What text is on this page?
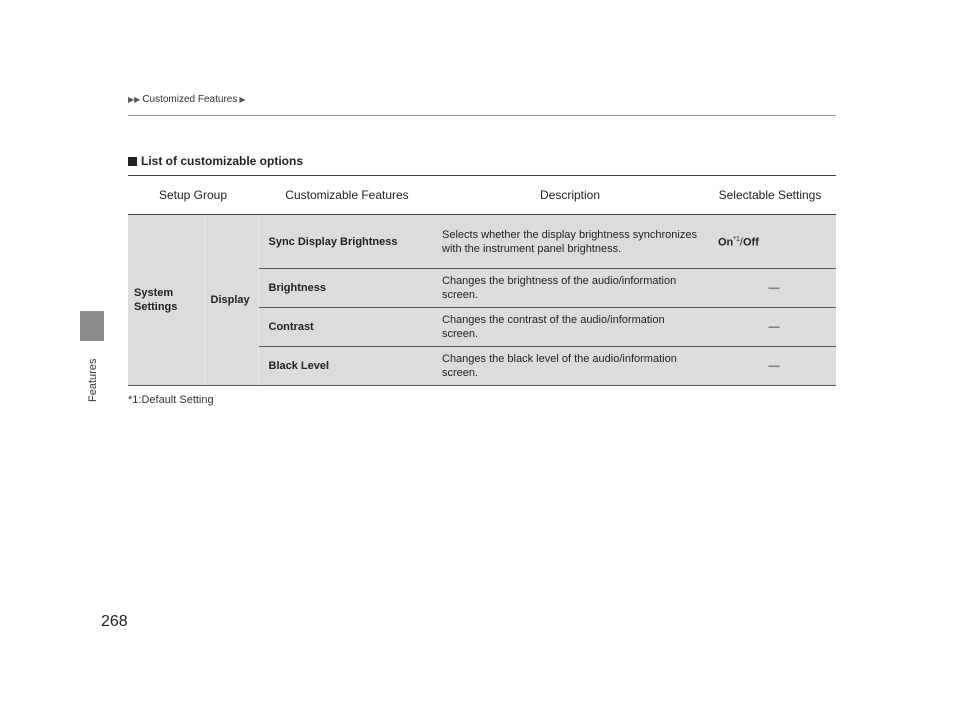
Features
▶▶ Customized Features ▶
List of customizable options
Setup Group		Customizable Features	Description	Selectable Settings
System Settings	Display	Sync Display Brightness	Selects whether the display brightness synchronizes with the instrument panel brightness.	On$^{*1}$/Off
		Brightness	Changes the brightness of the audio/information screen.	—
		Contrast	Changes the contrast of the audio/information screen.	—
		Black Level	Changes the black level of the audio/information screen.	—
*1:Default Setting
268
